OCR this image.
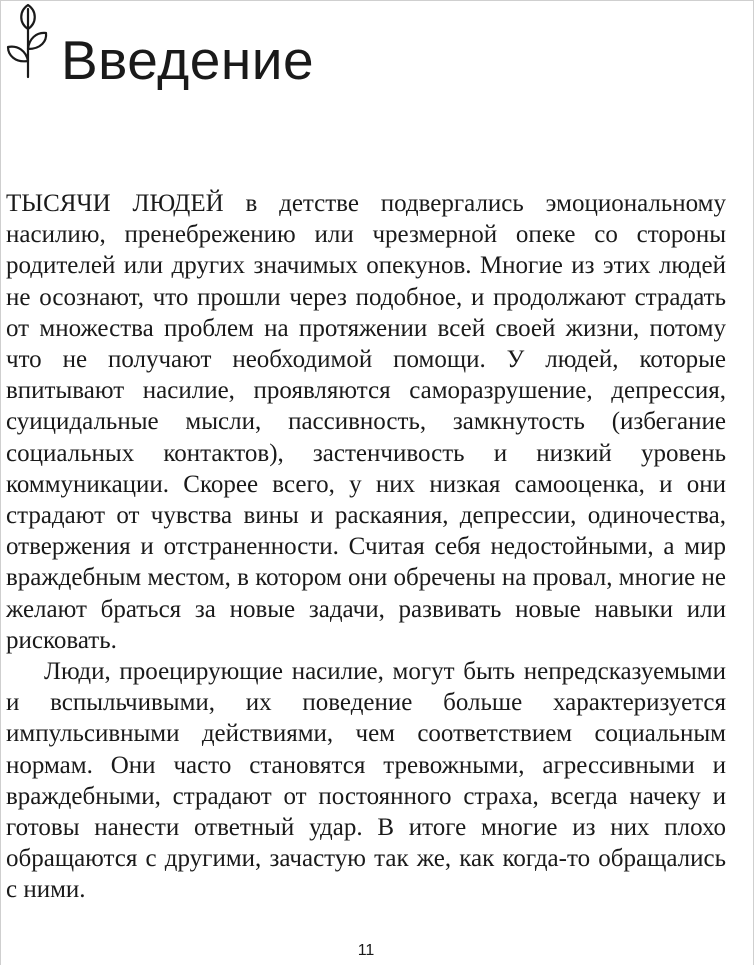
Введение

ТЫСЯЧИ ЛЮДЕЙ в детстве подвергались эмоциональному насилию, пренебрежению или чрезмерной опеке со стороны родителей или других значимых опекунов. Многие из этих людей не осознают, что прошли через подобное, и продолжают страдать от множества проблем на протяжении всей своей жизни, потому что не получают необходимой помощи. У людей, которые впитывают насилие, проявляются саморазрушение, депрессия, суицидальные мысли, пассивность, замкнутость (избегание социальных контактов), застенчивость и низкий уровень коммуникации. Скорее всего, у них низкая самооценка, и они страдают от чувства вины и раскаяния, депрессии, одиночества, отвержения и отстраненности. Считая себя недостойными, а мир враждебным местом, в котором они обречены на провал, многие не желают браться за новые задачи, развивать новые навыки или рисковать.

Люди, проецирующие насилие, могут быть непредсказуемыми и вспыльчивыми, их поведение больше характеризуется импульсивными действиями, чем соответствием социальным нормам. Они часто становятся тревожными, агрессивными и враждебными, страдают от постоянного страха, всегда начеку и готовы нанести ответный удар. В итоге многие из них плохо обращаются с другими, зачастую так же, как когда-то обращались с ними.

11
